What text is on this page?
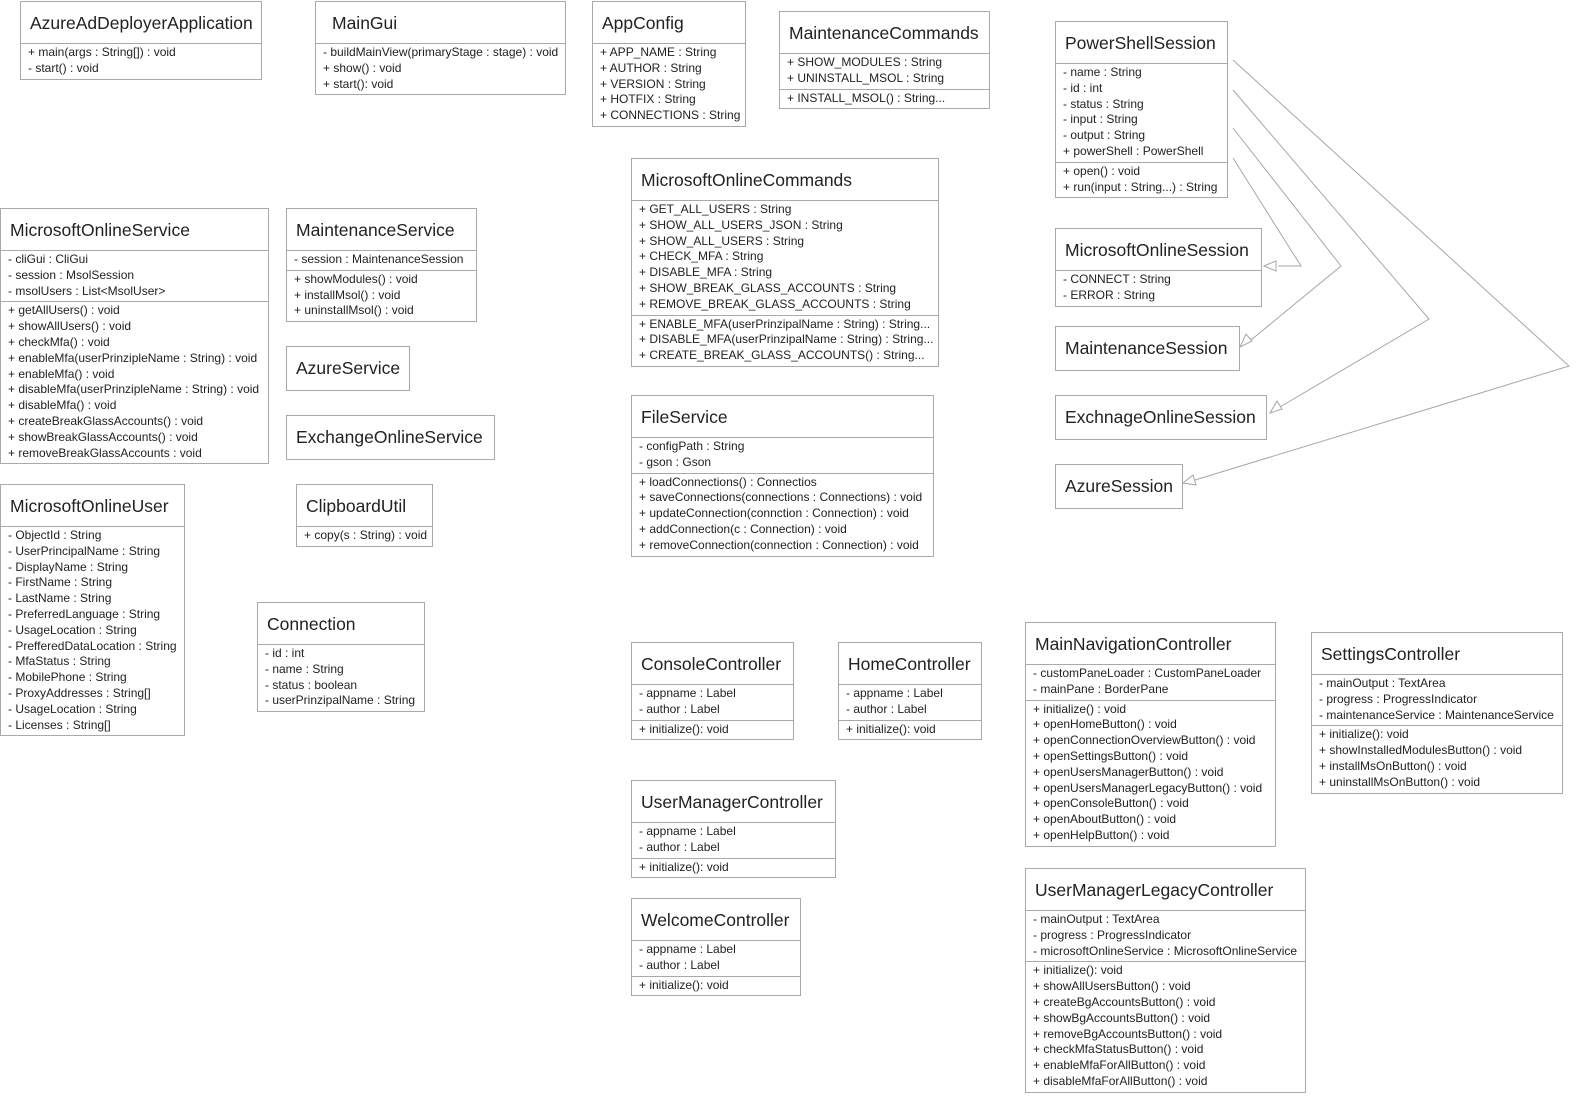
AzureAdDeployerApplication
+ main(args : String[]) : void
- start() : void
MainGui
- buildMainView(primaryStage : stage) : void
+ show() : void
+ start(): void
AppConfig
+ APP_NAME : String
+ AUTHOR : String
+ VERSION : String
+ HOTFIX : String
+ CONNECTIONS : String
MaintenanceCommands
+ SHOW_MODULES : String
+ UNINSTALL_MSOL : String
+ INSTALL_MSOL() : String...
PowerShellSession
- name : String
- id : int
- status : String
- input : String
- output : String
+ powerShell : PowerShell
+ open() : void
+ run(input : String...) : String
MicrosoftOnlineCommands
+ GET_ALL_USERS : String
+ SHOW_ALL_USERS_JSON : String
+ SHOW_ALL_USERS : String
+ CHECK_MFA : String
+ DISABLE_MFA : String
+ SHOW_BREAK_GLASS_ACCOUNTS : String
+ REMOVE_BREAK_GLASS_ACCOUNTS : String
+ ENABLE_MFA(userPrinzipalName : String) : String...
+ DISABLE_MFA(userPrinzipalName : String) : String...
+ CREATE_BREAK_GLASS_ACCOUNTS() : String...
MicrosoftOnlineService
- cliGui : CliGui
- session : MsolSession
- msolUsers : List<MsolUser>
+ getAllUsers() : void
+ showAllUsers() : void
+ checkMfa() : void
+ enableMfa(userPrinzipleName : String) : void
+ enableMfa() : void
+ disableMfa(userPrinzipleName : String) : void
+ disableMfa() : void
+ createBreakGlassAccounts() : void
+ showBreakGlassAccounts() : void
+ removeBreakGlassAccounts : void
MaintenanceService
- session : MaintenanceSession
+ showModules() : void
+ installMsol() : void
+ uninstallMsol() : void
MicrosoftOnlineSession
- CONNECT : String
- ERROR : String
MaintenanceSession
AzureService
ExchangeOnlineService
ExchnageOnlineSession
AzureSession
FileService
- configPath : String
- gson : Gson
+ loadConnections() : Connectios
+ saveConnections(connections : Connections) : void
+ updateConnection(conncti​on : Connection) : void
+ addConnection(c : Connection) : void
+ removeConnection(connection : Connection) : void
MicrosoftOnlineUser
- ObjectId : String
- UserPrincipalName : String
- DisplayName : String
- FirstName : String
- LastName : String
- PreferredLanguage : String
- UsageLocation : String
- PrefferedDataLocation : String
- MfaStatus : String
- MobilePhone : String
- ProxyAddresses : String[]
- UsageLocation : String
- Licenses : String[]
ClipboardUtil
+ copy(s : String) : void
Connection
- id : int
- name : String
- status : boolean
- userPrinzipalName : String
ConsoleController
- appname : Label
- author : Label
+ initialize(): void
HomeController
- appname : Label
- author : Label
+ initialize(): void
MainNavigationController
- customPaneLoader : CustomPaneLoader
- mainPane : BorderPane
+ initialize() : void
+ openHomeButton() : void
+ openConnectionOverviewButton() : void
+ openSettingsButton() : void
+ openUsersManagerButton() : void
+ openUsersManagerLegacyButton() : void
+ openConsoleButton() : void
+ openAboutButton() : void
+ openHelpButton() : void
SettingsController
- mainOutput : TextArea
- progress : ProgressIndicator
- maintenanceService : MaintenanceService
+ initialize(): void
+ showInstalledModulesButton() : void
+ installMsOnButton() : void
+ uninstallMsOnButton() : void
UserManagerController
- appname : Label
- author : Label
+ initialize(): void
WelcomeController
- appname : Label
- author : Label
+ initialize(): void
UserManagerLegacyController
- mainOutput : TextArea
- progress : ProgressIndicator
- microsoftOnlineService : MicrosoftOnlineService
+ initialize(): void
+ showAllUsersButton() : void
+ createBgAccountsButton() : void
+ showBgAccountsButton() : void
+ removeBgAccountsButton() : void
+ checkMfaStatusButton() : void
+ enableMfaForAllButton() : void
+ disableMfaForAllButton() : void
